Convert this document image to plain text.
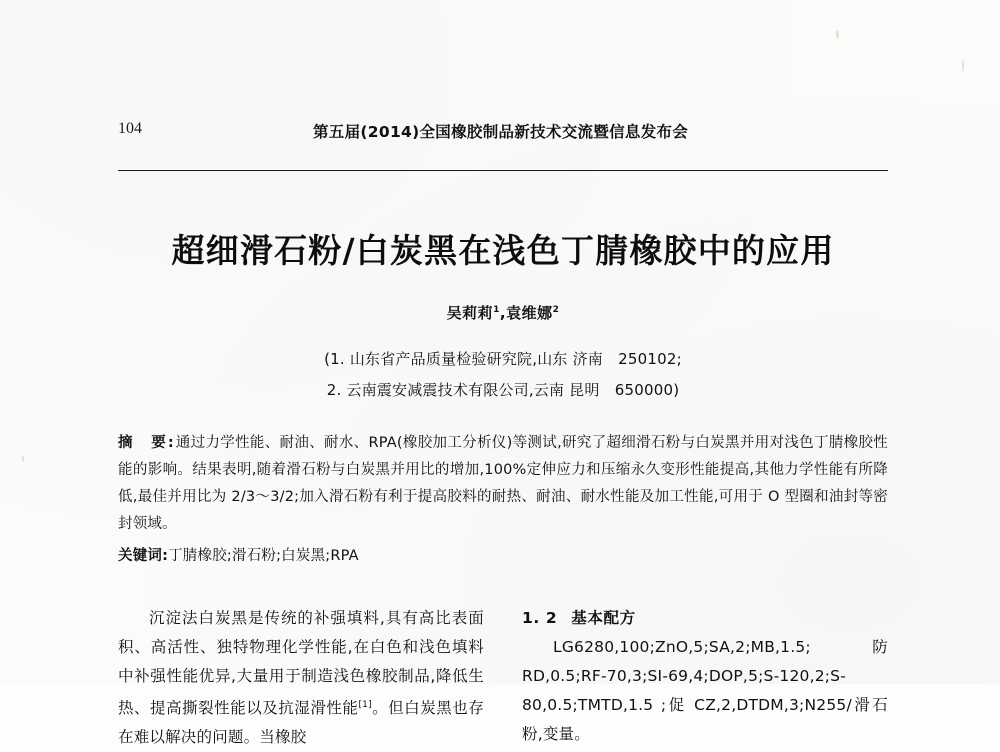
104	第五届(2014)全国橡胶制品新技术交流暨信息发布会
超细滑石粉/白炭黑在浅色丁腈橡胶中的应用
吴莉莉$^1$,袁维娜$^2$
(1. 山东省产品质量检验研究院,山东 济南　250102;
2. 云南震安减震技术有限公司,云南 昆明　650000)
摘　要:通过力学性能、耐油、耐水、RPA(橡胶加工分析仪)等测试,研究了超细滑石粉与白炭黑并用对浅色丁腈橡胶性能的影响。结果表明,随着滑石粉与白炭黑并用比的增加,100%定伸应力和压缩永久变形性能提高,其他力学性能有所降低,最佳并用比为 2/3～3/2;加入滑石粉有利于提高胶料的耐热、耐油、耐水性能及加工性能,可用于 O 型圈和油封等密封领域。
关键词:丁腈橡胶;滑石粉;白炭黑;RPA

沉淀法白炭黑是传统的补强填料,具有高比表面积、高活性、独特物理化学性能,在白色和浅色填料中补强性能优异,大量用于制造浅色橡胶制品,降低生热、提高撕裂性能以及抗湿滑性能[1]。但白炭黑也存在难以解决的问题。当橡胶

1. 2 基本配方

LG6280,100;ZnO,5;SA,2;MB,1.5;防RD,0.5;RF-70,3;SI-69,4;DOP,5;S-120,2;S-80,0.5;TMTD,1.5 ;促 CZ,2,DTDM,3;N255/滑石粉,变量。
